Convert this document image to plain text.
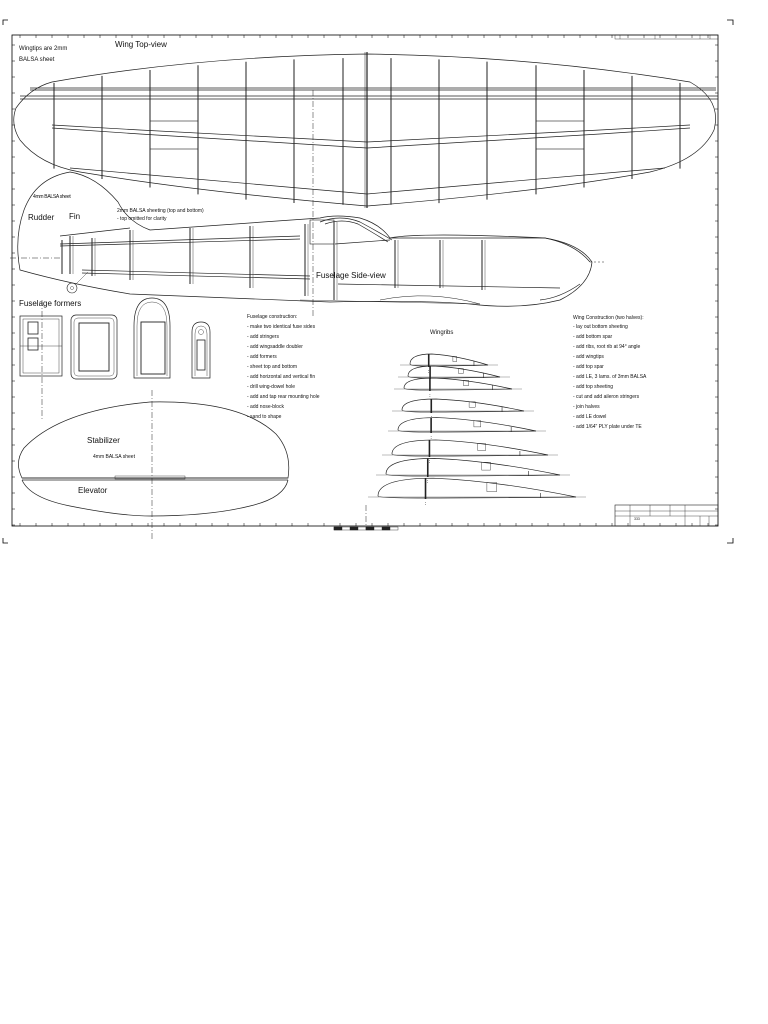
Wingtips are 2mm
BALSA sheet
Wing Top-view
4mm BALSA sheet
Rudder Fin
2mm BALSA sheeting (top and bottom)
- top omitted for clarity
Fuselage Side-view
Fuselage formers
Fuselage construction:
- make two identical fuse sides
- add stringers
- add wingsaddle doubler
- add formers
- sheet top and bottom
- add horizontal and vertical fin
- drill wing-dowel hole
- add and tap rear mounting hole
- add nose-block
- sand to shape
Wingribs
Wing Construction (two halves):
- lay out bottom sheeting
- add bottom spar
- add ribs, root rib at 94° angle
- add wingtips
- add top spar
- add LE, 3 lams. of 3mm BALSA
- add top sheeting
- cut and add aileron stringers
- join halves
- add LE dowel
- add 1/64" PLY plate under TE
Stabilizer
4mm BALSA sheet
Elevator
333
